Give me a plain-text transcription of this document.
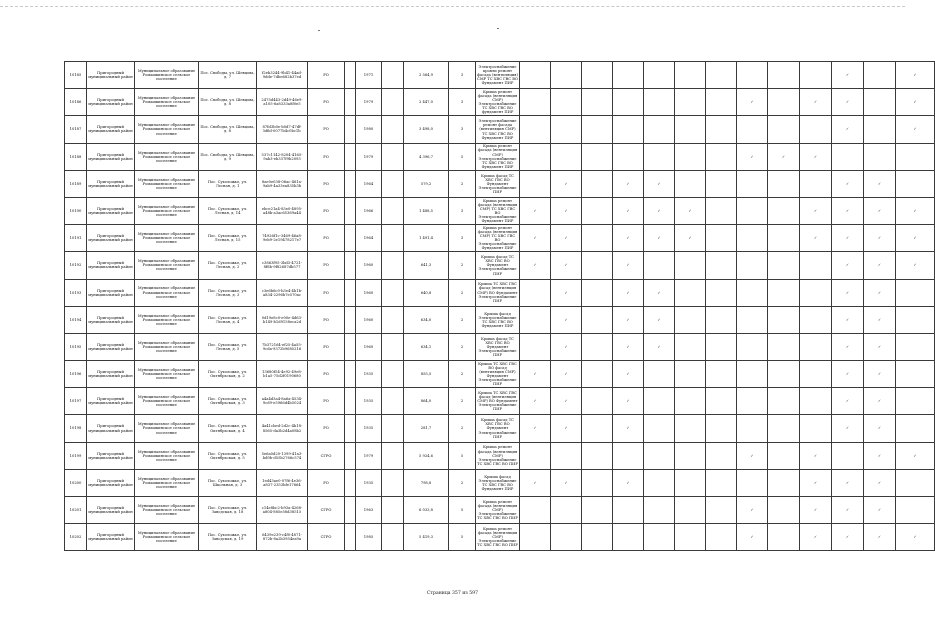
10185	Пригородный муниципальный район	Муниципальное образование Ромашкинское сельское поселение	Пос. Свободы, ул. Шевцова, д. 7	f2eb3244-9b41-44ad-9dde-7dbe682b37ed	РО		1971		2 564,9	3	Электроснабжение кровли ремонт фасада (вентиляция) СМР ТС ХВС ГВС ВО Фундамент ПИР											✓		✓
10186	Пригородный муниципальный район	Муниципальное образование Ромашкинское сельское поселение	Пос. Свободы, ул. Шевцова, д. 8	2475d443-2d49-46e9-a105-6a8333a8f0e5	РО		1979		2 447,0	3	Крыша ремонт фасада (вентиляция СМР) Электроснабжение ТС ХВС ГВС ВО фундамент ПИР								✓		✓	✓		✓
10187	Пригородный муниципальный район	Муниципальное образование Ромашкинское сельское поселение	Пос. Свободы, ул. Шевцова, д. 8	87fd3b0e-b0d7-47df-bf6d-0077b4c0bc1b	РО		1980		3 498,0	3	Электроснабжение ремонт фасада (вентиляция СМР) ТС ХВС ГВС ВО Фундамент ПИР											✓		✓
10188	Пригородный муниципальный район	Муниципальное образование Ромашкинское сельское поселение	Пос. Свободы, ул. Шевцова, д. 9	537c1142-8204-4165-9ab3-eb337f9b2093	РО		1979		4 396,7	5	Крыша ремонт фасада (вентиляция СМР) Электроснабжение ТС ХВС ГВС ВО Фундамент ПИР								✓	✓	✓			
10189	Пригородный муниципальный район	Муниципальное образование Ромашкинское сельское поселение	Пос. Сухоложье, ул. Лесная, д. 1	8ae0e038-06ac-461a-9ab9-4a33ea835b3b	РО		1964		579,2	2	Крыша фасад ТС ХВС ГВС ВО Фундамент Электроснабжение ПИР		✓		✓	✓						✓	✓	
10190	Пригородный муниципальный район	Муниципальное образование Ромашкинское сельское поселение	Пос. Сухоложье, ул. Лесная, д. 14	ebce21a4-83e0-4895-a48b-a3ac65369a44	РО		1966		1 488,5	3	Крыша ремонт фасада (вентиляция СМР) ТС ХВС ГВС ВО Электроснабжение Фундамент ПИР	✓	✓		✓	✓	✓				✓	✓	✓	✓
10191	Пригородный муниципальный район	Муниципальное образование Ромашкинское сельское поселение	Пос. Сухоложье, ул. Лесная, д. 15	74926f1c-3469-46a8-9eb9-2e19478217e7	РО		1964		1 491,4	3	Крыша ремонт фасада (вентиляция СМР) ТС ХВС ГВС ВО Электроснабжение Фундамент ПИР	✓	✓		✓	✓	✓				✓	✓	✓	✓
10192	Пригородный муниципальный район	Муниципальное образование Ромашкинское сельское поселение	Пос. Сухоложье, ул. Лесная, д. 2	c3863f95-3bd3-4721-8f8b-9f82687db577	РО		1960		641,3	2	Крыша фасад ТС ХВС ГВС ВО Фундамент Электроснабжение ПИР	✓	✓		✓							✓	✓	✓
10193	Пригородный муниципальный район	Муниципальное образование Ромашкинское сельское поселение	Пос. Сухоложье, ул. Лесная, д. 3	c3e6b6c0-b3e4-4b1b-a834-2296b7e570ac	РО		1960		640,8	2	Крыша ТС ХВС ГВС фасад (вентиляция СМР) ВО Фундамент Электроснабжение ПИР		✓		✓	✓						✓	✓	
10194	Пригородный муниципальный район	Муниципальное образование Ромашкинское сельское поселение	Пос. Сухоложье, ул. Лесная, д. 4	0d19e8c0-e00e-4d63-b149-b1d9158eca2d	РО		1960		634,0	2	Крыша фасад Электроснабжение ТС ХВС ГВС ВО Фундамент ПИР		✓		✓	✓						✓	✓	
10195	Пригородный муниципальный район	Муниципальное образование Ромашкинское сельское поселение	Пос. Сухоложье, ул. Лесная, д. 5	7b372164-ef25-4a55-9cda-9372b9685216	РО		1960		634,1	2	Крыша фасад ТС ХВС ГВС ВО Фундамент Электроснабжение ПИР		✓		✓	✓						✓	✓	
10196	Пригородный муниципальный район	Муниципальное образование Ромашкинское сельское поселение	Пос. Сухоложье, ул. Октябрьская, д. 2	13680f54-4e92-49e8-b1a5-75d2f0190680	РО		1935		855,5	2	Крыша ТС ХВС ГВС ВО фасад (вентиляция СМР) Фундамент Электроснабжение ПИР	✓	✓		✓							✓	✓	
10197	Пригородный муниципальный район	Муниципальное образование Ромашкинское сельское поселение	Пос. Сухоложье, ул. Октябрьская, д. 3	a4a4d3a4-8a6a-4534-9cd9-e5966d4b5024	РО		1935		864,0	2	Крыша ТС ХВС ГВС фасад (вентиляция СМР) ВО Фундамент Электроснабжение ПИР	✓	✓		✓							✓	✓	
10198	Пригородный муниципальный район	Муниципальное образование Ромашкинское сельское поселение	Пос. Сухоложье, ул. Октябрьская, д. 4	4a41cbed-2d2c-4b18-8565-da3b2d4a08b2	РО		1935		281,7	2	Крыша фасад ТС ХВС ГВС ВО Фундамент Электроснабжение ПИР	✓	✓		✓							✓	✓	
10199	Пригородный муниципальный район	Муниципальное образование Ромашкинское сельское поселение	Пос. Сухоложье, ул. Октябрьская, д. 5	5e6a0d20-1399-41a3-bd9b-d55b2766c574	СГРО		1979		5 924,6	5	Крыша ремонт фасада (вентиляция СМР) Электроснабжение ТС ХВС ГВС ВО ПИР								✓		✓		✓	✓
10200	Пригородный муниципальный район	Муниципальное образование Ромашкинское сельское поселение	Пос. Сухоложье, ул. Школьная, д. 3	1ed43ae0-07f6-4e36-a837-2353bfe17664	РО		1935		798,8	2	Крыша фасад Электроснабжение ТС ХВС ГВС ВО Фундамент ПИР	✓	✓		✓						✓	✓	✓	
10201	Пригородный муниципальный район	Муниципальное образование Ромашкинское сельское поселение	Пос. Сухоложье, ул. Заводская, д. 18	c14e8bc2-b93a-4268-a804-885e58d38515	СГРО		1963		6 033,8	5	Крыша ремонт фасада (вентиляция СМР) Электроснабжение ТС ХВС ГВС ВО ПИР								✓		✓	✓	✓	
10202	Пригородный муниципальный район	Муниципальное образование Ромашкинское сельское поселение	Пос. Сухоложье, ул. Заводская, д. 19	6439e239-c4f0-4871-872b-8a2b3954ea9a	СГРО		1985		5 419,3	5	Крыша ремонт фасада (вентиляция СМР) Электроснабжение ТС ХВС ГВС ВО ПИР								✓		✓	✓	✓	✓
Страница 357 из 597
